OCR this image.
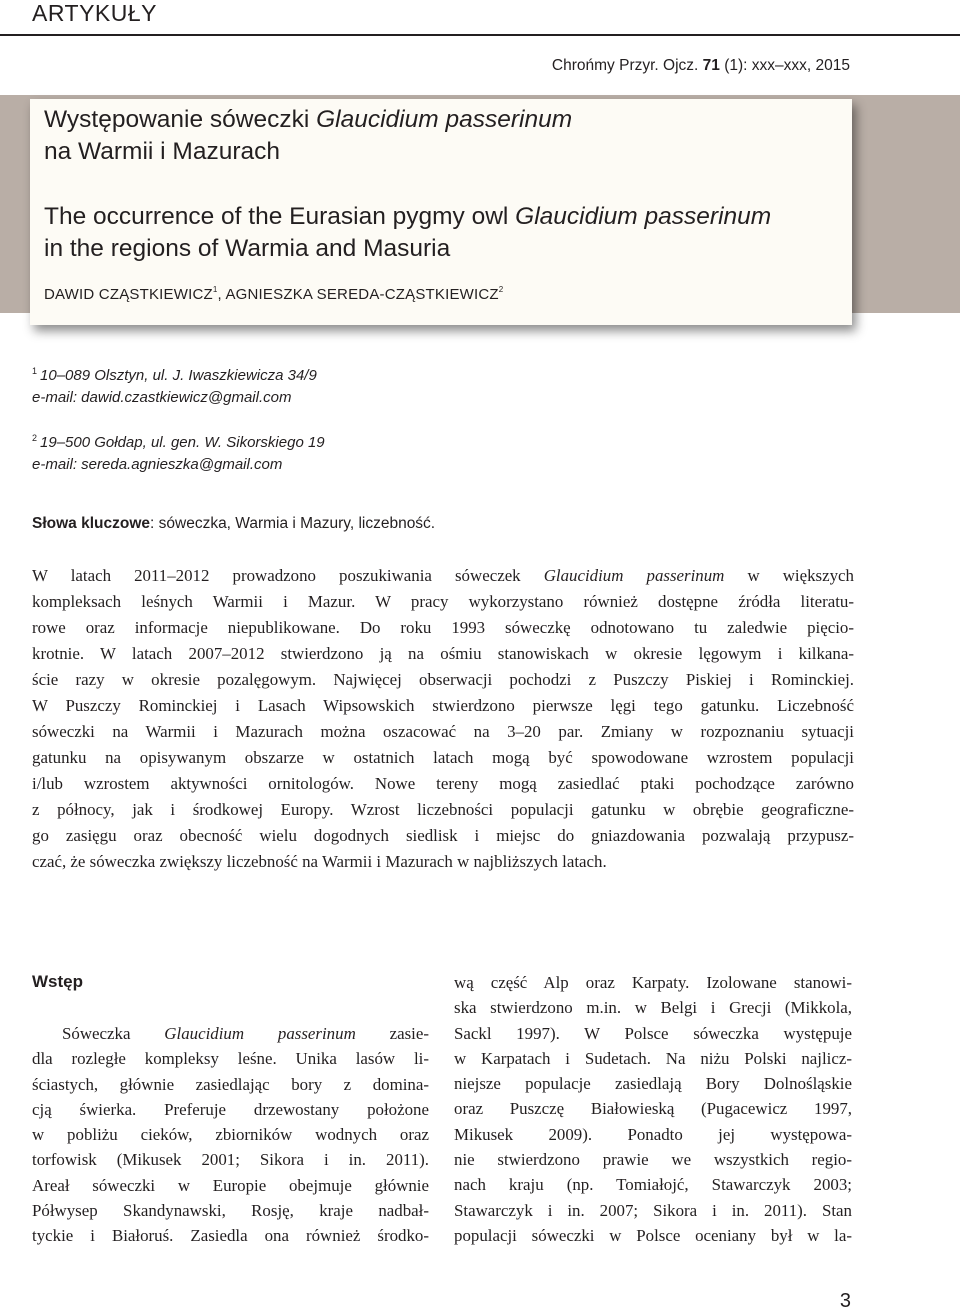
ARTYKUŁY
Chrońmy Przyr. Ojcz. 71 (1): xxx–xxx, 2015
Występowanie sóweczki Glaucidium passerinum
na Warmii i Mazurach
The occurrence of the Eurasian pygmy owl Glaucidium passerinum
in the regions of Warmia and Masuria
DAWID CZĄSTKIEWICZ$^1$, AGNIESZKA SEREDA-CZĄSTKIEWICZ$^2$
$^1$ 10–089 Olsztyn, ul. J. Iwaszkiewicza 34/9
e-mail: dawid.czastkiewicz@gmail.com
$^2$ 19–500 Gołdap, ul. gen. W. Sikorskiego 19
e-mail: sereda.agnieszka@gmail.com
Słowa kluczowe: sóweczka, Warmia i Mazury, liczebność.
W latach 2011–2012 prowadzono poszukiwania sóweczek Glaucidium passerinum w większych
kompleksach leśnych Warmii i Mazur. W pracy wykorzystano również dostępne źródła literatu-
rowe oraz informacje niepublikowane. Do roku 1993 sóweczkę odnotowano tu zaledwie pięcio-
krotnie. W latach 2007–2012 stwierdzono ją na ośmiu stanowiskach w okresie lęgowym i kilkana-
ście razy w okresie pozalęgowym. Najwięcej obserwacji pochodzi z Puszczy Piskiej i Rominckiej.
W Puszczy Rominckiej i Lasach Wipsowskich stwierdzono pierwsze lęgi tego gatunku. Liczebność
sóweczki na Warmii i Mazurach można oszacować na 3–20 par. Zmiany w rozpoznaniu sytuacji
gatunku na opisywanym obszarze w ostatnich latach mogą być spowodowane wzrostem populacji
i/lub wzrostem aktywności ornitologów. Nowe tereny mogą zasiedlać ptaki pochodzące zarówno
z północy, jak i środkowej Europy. Wzrost liczebności populacji gatunku w obrębie geograficzne-
go zasięgu oraz obecność wielu dogodnych siedlisk i miejsc do gniazdowania pozwalają przypusz-
czać, że sóweczka zwiększy liczebność na Warmii i Mazurach w najbliższych latach.
Wstęp
Sóweczka Glaucidium passerinum zasie-
dla rozległe kompleksy leśne. Unika lasów li-
ściastych, głównie zasiedlając bory z domina-
cją świerka. Preferuje drzewostany położone
w pobliżu cieków, zbiorników wodnych oraz
torfowisk (Mikusek 2001; Sikora i in. 2011).
Areał sóweczki w Europie obejmuje głównie
Półwysep Skandynawski, Rosję, kraje nadbał-
tyckie i Białoruś. Zasiedla ona również środko-
wą część Alp oraz Karpaty. Izolowane stanowi-
ska stwierdzono m.in. w Belgi i Grecji (Mikkola,
Sackl 1997). W Polsce sóweczka występuje
w Karpatach i Sudetach. Na niżu Polski najlicz-
niejsze populacje zasiedlają Bory Dolnośląskie
oraz Puszczę Białowieską (Pugacewicz 1997,
Mikusek 2009). Ponadto jej występowa-
nie stwierdzono prawie we wszystkich regio-
nach kraju (np. Tomiałojć, Stawarczyk 2003;
Stawarczyk i in. 2007; Sikora i in. 2011). Stan
populacji sóweczki w Polsce oceniany był w la-
3
